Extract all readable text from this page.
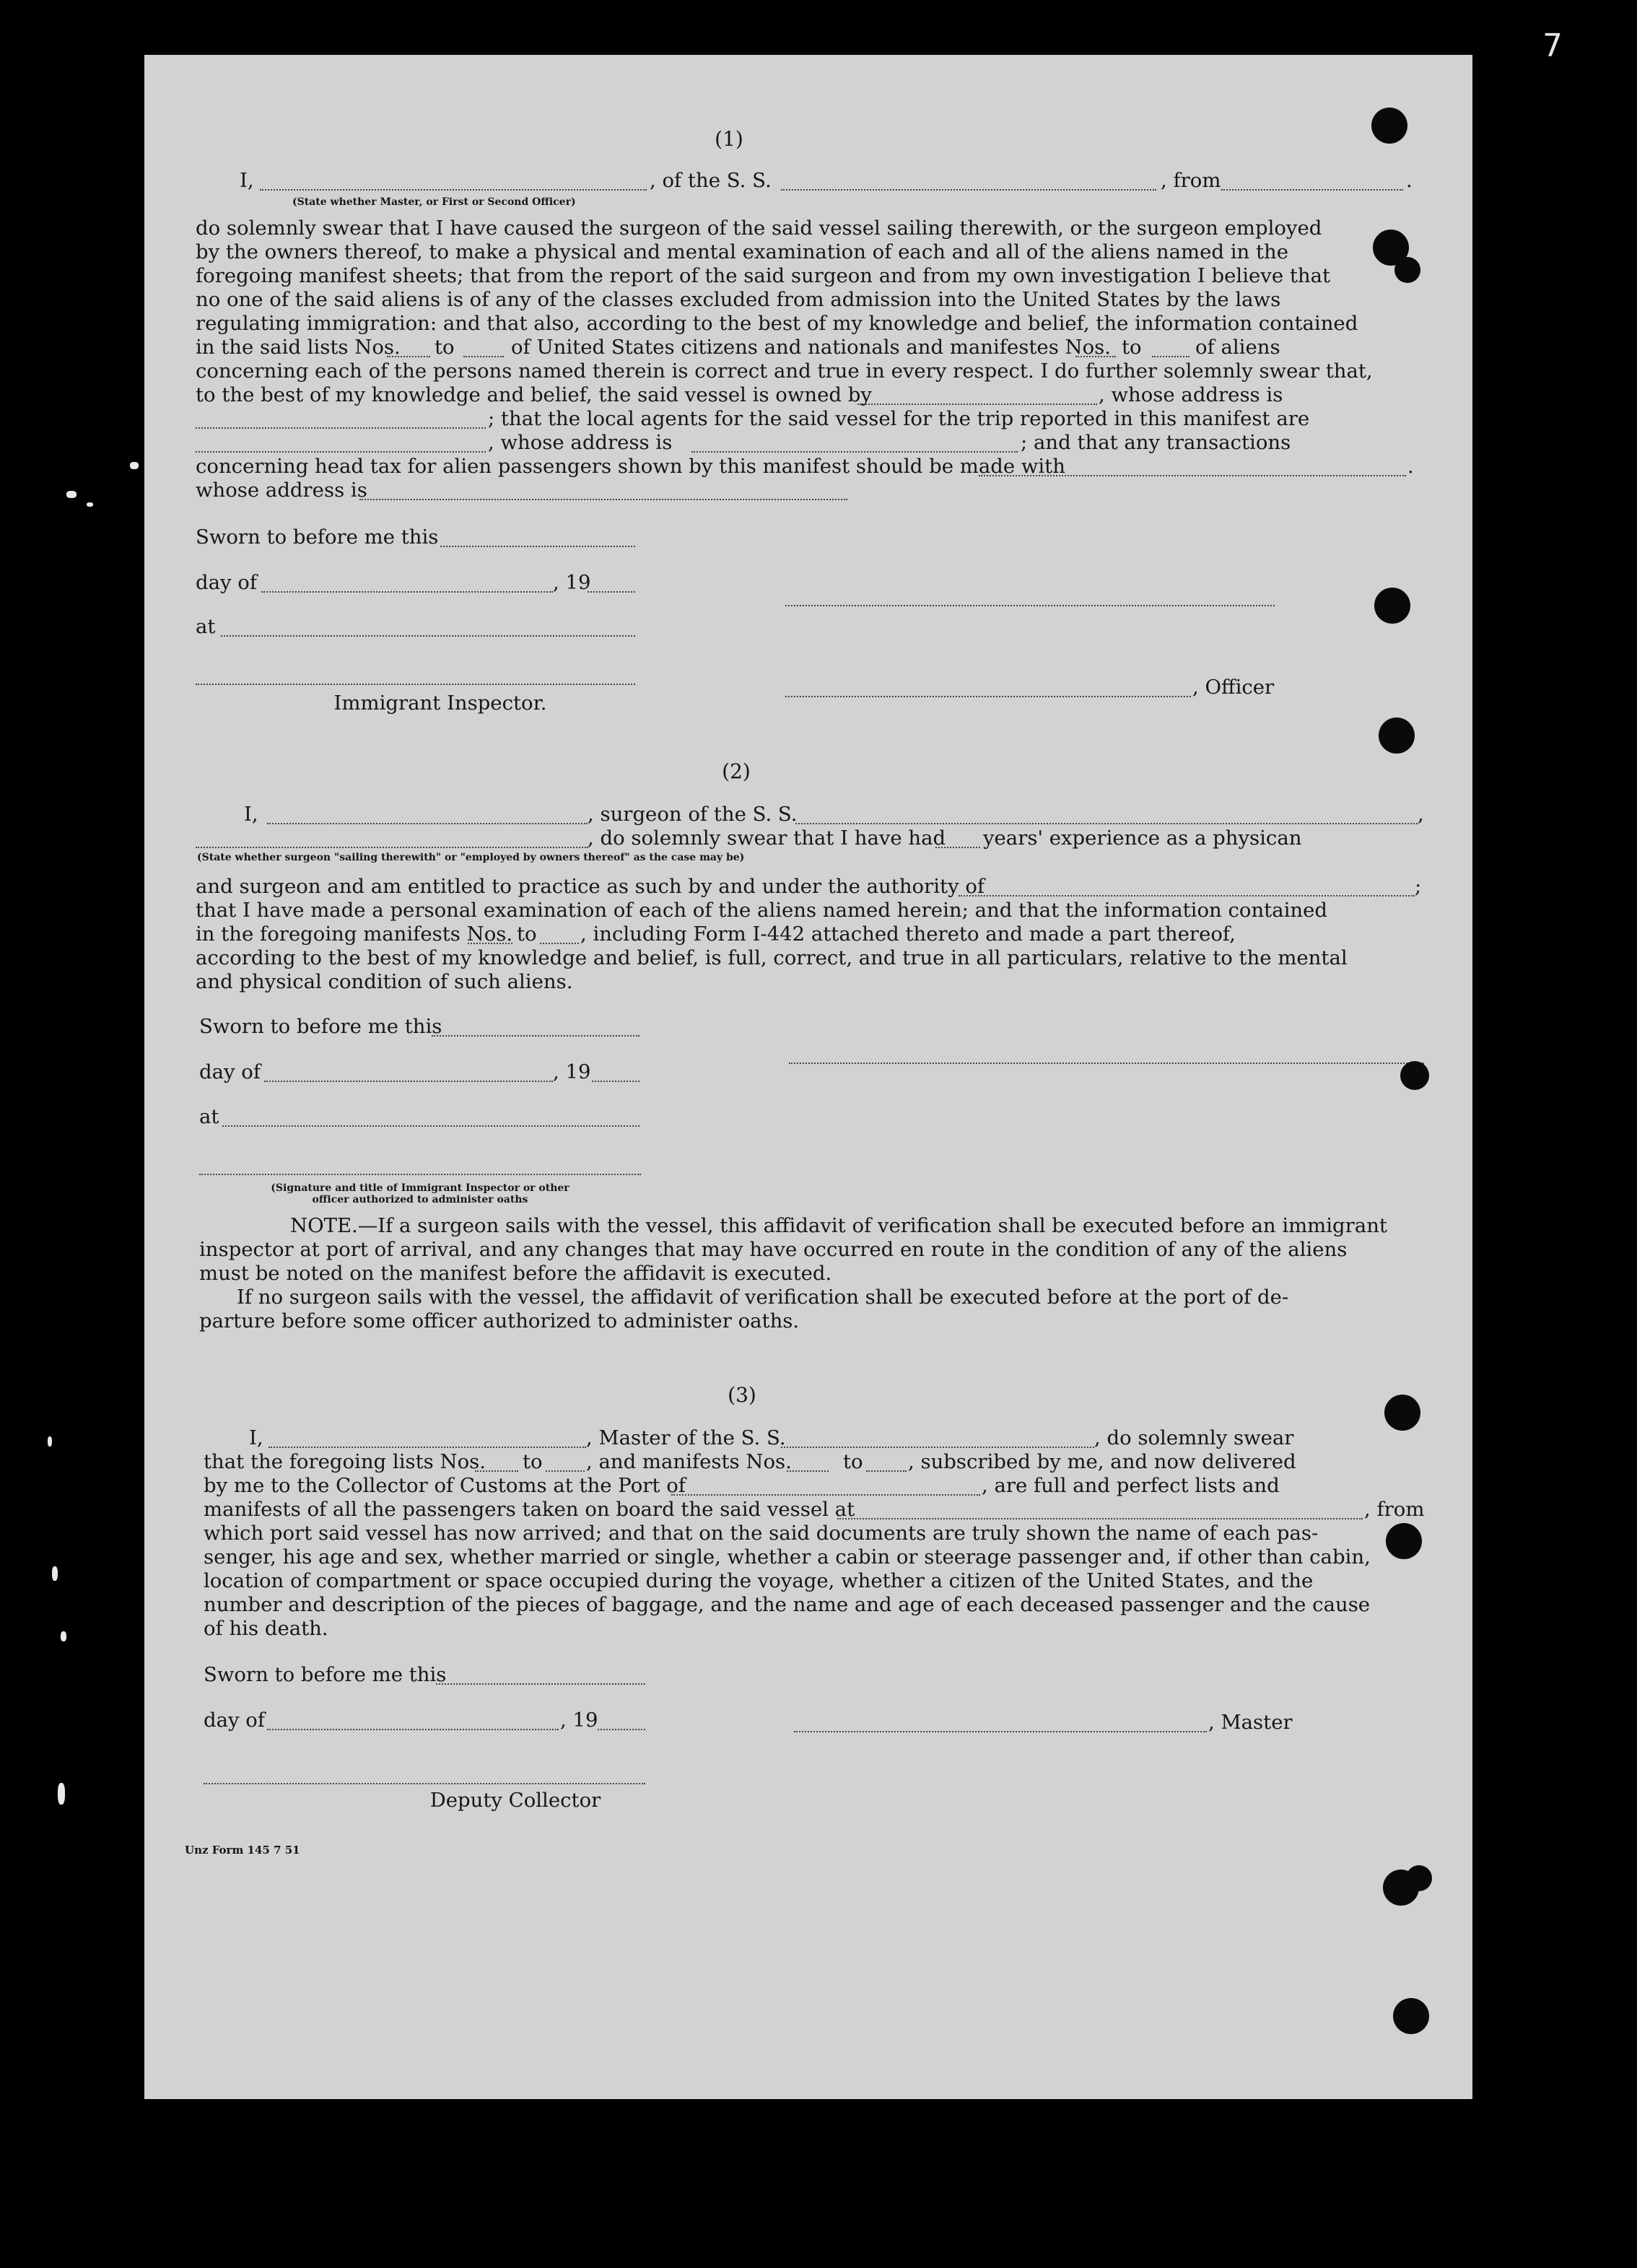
(1)
I,	, of the S. S.	, from	.
(State whether Master, or First or Second Officer)
do solemnly swear that I have caused the surgeon of the said vessel sailing therewith, or the surgeon employed
by the owners thereof, to make a physical and mental examination of each and all of the aliens named in the
foregoing manifest sheets; that from the report of the said surgeon and from my own investigation I believe that
no one of the said aliens is of any of the classes excluded from admission into the United States by the laws
regulating immigration: and that also, according to the best of my knowledge and belief, the information contained
in the said lists Nos. to	of United States citizens and nationals and manifestes Nos. to	of aliens
concerning each of the persons named therein is correct and true in every respect. I do further solemnly swear that,
to the best of my knowledge and belief, the said vessel is owned by	, whose address is
; that the local agents for the said vessel for the trip reported in this manifest are
, whose address is	; and that any transactions
concerning head tax for alien passengers shown by this manifest should be made with	.
whose address is
Sworn to before me this
day of	, 19
at
, Officer
Immigrant Inspector.
(2)
I,	, surgeon of the S. S.	,
, do solemnly swear that I have had years' experience as a physican
(State whether surgeon "sailing therewith" or "employed by owners thereof" as the case may be)
and surgeon and am entitled to practice as such by and under the authority of	;
that I have made a personal examination of each of the aliens named herein; and that the information contained
in the foregoing manifests Nos. to , including Form I-442 attached thereto and made a part thereof,
according to the best of my knowledge and belief, is full, correct, and true in all particulars, relative to the mental
and physical condition of such aliens.
Sworn to before me this
day of	, 19
at
(Signature and title of Immigrant Inspector or other
officer authorized to administer oaths
NOTE.—If a surgeon sails with the vessel, this affidavit of verification shall be executed before an immigrant
inspector at port of arrival, and any changes that may have occurred en route in the condition of any of the aliens
must be noted on the manifest before the affidavit is executed.
If no surgeon sails with the vessel, the affidavit of verification shall be executed before at the port of de-
parture before some officer authorized to administer oaths.
(3)
I,	, Master of the S. S.	, do solemnly swear
that the foregoing lists Nos. to , and manifests Nos.	to , subscribed by me, and now delivered
by me to the Collector of Customs at the Port of	, are full and perfect lists and
manifests of all the passengers taken on board the said vessel at	, from
which port said vessel has now arrived; and that on the said documents are truly shown the name of each pas-
senger, his age and sex, whether married or single, whether a cabin or steerage passenger and, if other than cabin,
location of compartment or space occupied during the voyage, whether a citizen of the United States, and the
number and description of the pieces of baggage, and the name and age of each deceased passenger and the cause
of his death.
Sworn to before me this
day of	, 19	, Master
Deputy Collector
Unz Form 145 7 51
7
